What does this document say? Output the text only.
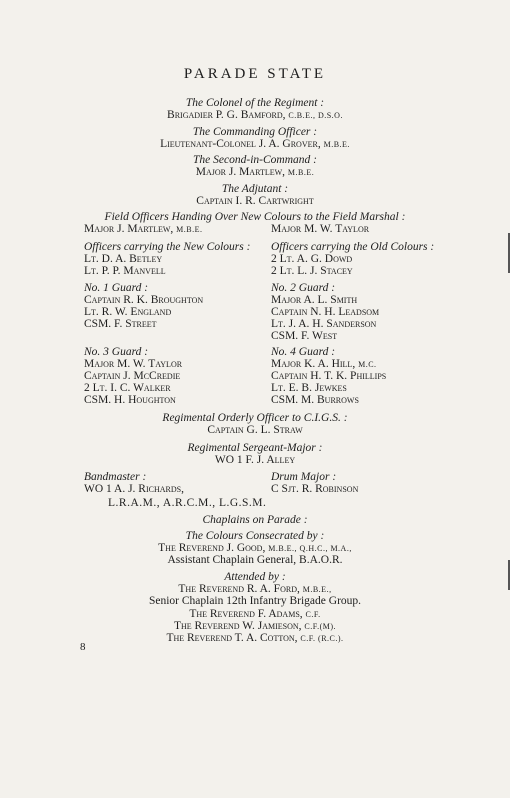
PARADE STATE
The Colonel of the Regiment :
Brigadier P. G. Bamford, C.B.E., D.S.O.
The Commanding Officer :
Lieutenant-Colonel J. A. Grover, M.B.E.
The Second-in-Command :
Major J. Martlew, M.B.E.
The Adjutant :
Captain I. R. Cartwright
Field Officers Handing Over New Colours to the Field Marshal :
Major J. Martlew, M.B.E.	Major M. W. Taylor
Officers carrying the New Colours :
Lt. D. A. Betley
Lt. P. P. Manvell
Officers carrying the Old Colours :
2 Lt. A. G. Dowd
2 Lt. L. J. Stacey
No. 1 Guard :
Captain R. K. Broughton
Lt. R. W. England
CSM. F. Street
No. 2 Guard :
Major A. L. Smith
Captain N. H. Leadsom
Lt. J. A. H. Sanderson
CSM. F. West
No. 3 Guard :
Major M. W. Taylor
Captain J. McCredie
2 Lt. I. C. Walker
CSM. H. Houghton
No. 4 Guard :
Major K. A. Hill, M.C.
Captain H. T. K. Phillips
Lt. E. B. Jewkes
CSM. M. Burrows
Regimental Orderly Officer to C.I.G.S. :
Captain G. L. Straw
Regimental Sergeant-Major :
WO 1 F. J. Alley
Bandmaster :
WO 1 A. J. Richards,
L.R.A.M., A.R.C.M., L.G.S.M.
Drum Major :
C Sjt. R. Robinson
Chaplains on Parade :
The Colours Consecrated by :
The Reverend J. Good, M.B.E., Q.H.C., M.A.,
Assistant Chaplain General, B.A.O.R.
Attended by :
The Reverend R. A. Ford, M.B.E.,
Senior Chaplain 12th Infantry Brigade Group.
The Reverend F. Adams, C.F.
The Reverend W. Jamieson, C.F.(M).
The Reverend T. A. Cotton, C.F. (R.C.).
8
